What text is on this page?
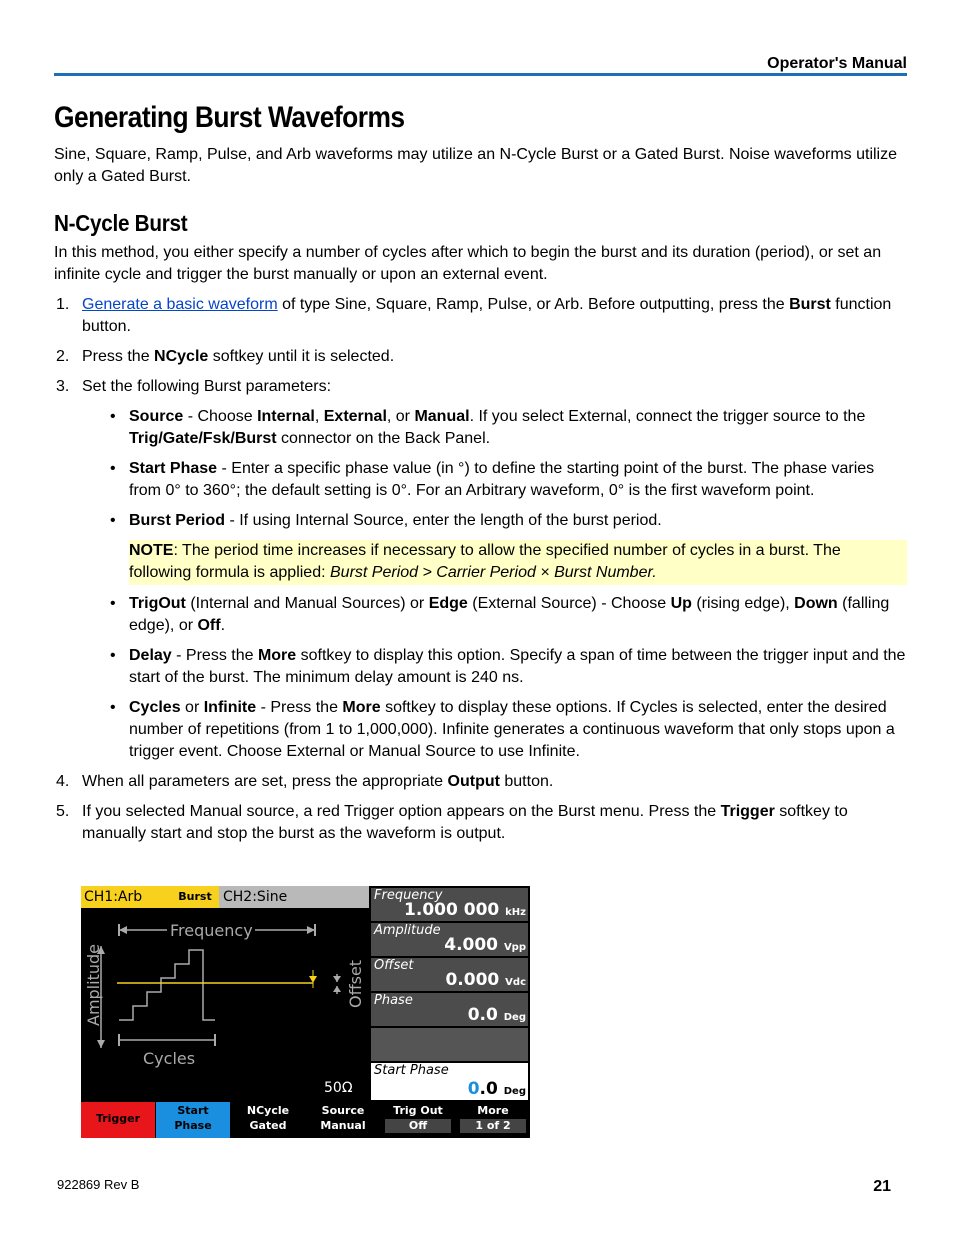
Operator's Manual
Generating Burst Waveforms

Sine, Square, Ramp, Pulse, and Arb waveforms may utilize an N-Cycle Burst or a Gated Burst. Noise waveforms utilize only a Gated Burst.

N-Cycle Burst

In this method, you either specify a number of cycles after which to begin the burst and its duration (period), or set an infinite cycle and trigger the burst manually or upon an external event.

1. Generate a basic waveform of type Sine, Square, Ramp, Pulse, or Arb. Before outputting, press the Burst function button.
2. Press the NCycle softkey until it is selected.
3. Set the following Burst parameters:
• Source - Choose Internal, External, or Manual. If you select External, connect the trigger source to the Trig/Gate/Fsk/Burst connector on the Back Panel.
• Start Phase - Enter a specific phase value (in °) to define the starting point of the burst. The phase varies from 0° to 360°; the default setting is 0°. For an Arbitrary waveform, 0° is the first waveform point.
• Burst Period - If using Internal Source, enter the length of the burst period.
NOTE: The period time increases if necessary to allow the specified number of cycles in a burst. The following formula is applied: Burst Period > Carrier Period × Burst Number.
• TrigOut (Internal and Manual Sources) or Edge (External Source) - Choose Up (rising edge), Down (falling edge), or Off.
• Delay - Press the More softkey to display this option. Specify a span of time between the trigger input and the start of the burst. The minimum delay amount is 240 ns.
• Cycles or Infinite - Press the More softkey to display these options. If Cycles is selected, enter the desired number of repetitions (from 1 to 1,000,000). Infinite generates a continuous waveform that only stops upon a trigger event. Choose External or Manual Source to use Infinite.
4. When all parameters are set, press the appropriate Output button.
5. If you selected Manual source, a red Trigger option appears on the Burst menu. Press the Trigger softkey to manually start and stop the burst as the waveform is output.
CH1:Arb	Burst CH2:Sine
Frequency
Amplitude	Offset
Cycles
50Ω
Frequency
1.000 000 kHz
Amplitude
4.000 Vpp
Offset
0.000 Vdc
Phase
0.0 Deg
Start Phase
0.0 Deg
Trigger
Start
Phase
NCycle
Gated
Source
Manual
Trig Out
Off
More
1 of 2
922869 Rev B	21
